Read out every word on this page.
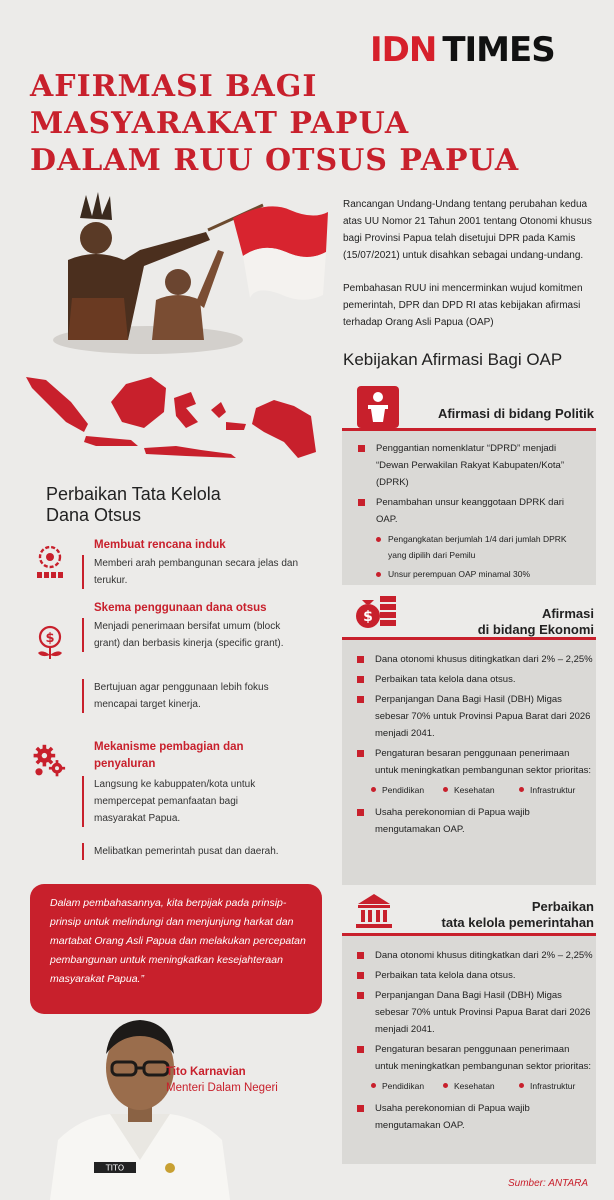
IDN TIMES
AFIRMASI BAGI
MASYARAKAT PAPUA
DALAM RUU OTSUS PAPUA

Rancangan Undang-Undang tentang perubahan kedua atas UU Nomor 21 Tahun 2001 tentang Otonomi khusus bagi Provinsi Papua telah disetujui DPR pada Kamis (15/07/2021) untuk disahkan sebagai undang-undang.

Pembahasan RUU ini mencerminkan wujud komitmen pemerintah, DPR dan DPD RI atas kebijakan afirmasi terhadap Orang Asli Papua (OAP)

Kebijakan Afirmasi Bagi OAP
Perbaikan Tata Kelola
Dana Otsus
Membuat rencana induk
Memberi arah pembangunan secara jelas dan terukur.
$
Skema penggunaan dana otsus
Menjadi penerimaan bersifat umum (block grant) dan berbasis kinerja (specific grant).
Bertujuan agar penggunaan lebih fokus mencapai target kinerja.
Mekanisme pembagian dan
penyaluran
Langsung ke kabuppaten/kota untuk mempercepat pemanfaatan bagi masyarakat Papua.
Melibatkan pemerintah pusat dan daerah.
Afirmasi di bidang Politik
Penggantian nomenklatur “DPRD” menjadi “Dewan Perwakilan Rakyat Kabupaten/Kota” (DPRK)
Penambahan unsur keanggotaan DPRK dari OAP.
Pengangkatan berjumlah 1/4 dari jumlah DPRK yang dipilih dari Pemilu
Unsur perempuan OAP minamal 30%
$	Afirmasi
di bidang Ekonomi
Dana otonomi khusus ditingkatkan dari 2% – 2,25%
Perbaikan tata kelola dana otsus.
Perpanjangan Dana Bagi Hasil (DBH) Migas sebesar 70% untuk Provinsi Papua Barat dari 2026 menjadi 2041.
Pengaturan besaran penggunaan penerimaan untuk meningkatkan pembangunan sektor prioritas:
Pendidikan	Kesehatan	Infrastruktur
Usaha perekonomian di Papua wajib mengutamakan OAP.
Perbaikan
tata kelola pemerintahan
Dana otonomi khusus ditingkatkan dari 2% – 2,25%
Perbaikan tata kelola dana otsus.
Perpanjangan Dana Bagi Hasil (DBH) Migas sebesar 70% untuk Provinsi Papua Barat dari 2026 menjadi 2041.
Pengaturan besaran penggunaan penerimaan untuk meningkatkan pembangunan sektor prioritas:
Pendidikan	Kesehatan	Infrastruktur
Usaha perekonomian di Papua wajib mengutamakan OAP.

Dalam pembahasannya, kita berpijak pada prinsip-prinsip untuk melindungi dan menjunjung harkat dan martabat Orang Asli Papua dan melakukan percepatan pembangunan untuk meningkatkan kesejahteraan masyarakat Papua.”

TITO
Tito Karnavian
Menteri Dalam Negeri
Sumber: ANTARA
